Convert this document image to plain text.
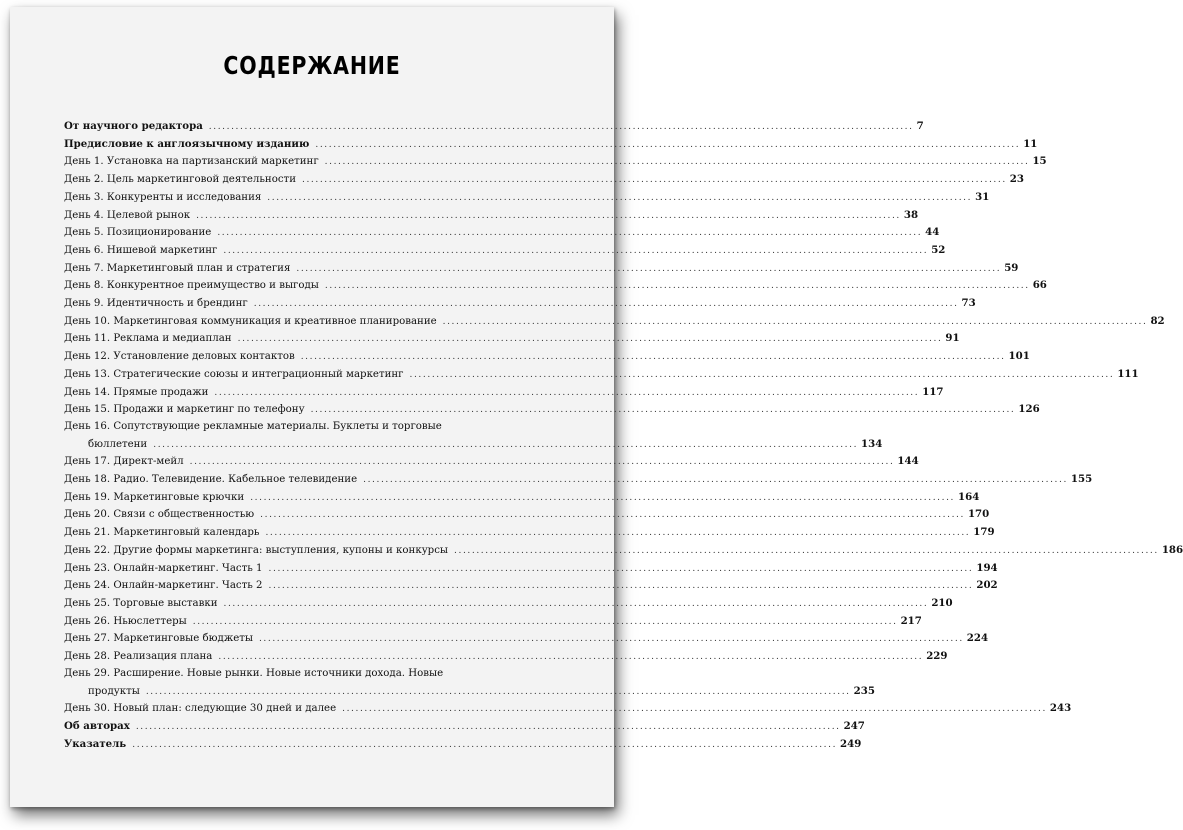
СОДЕРЖАНИЕ
От научного редактора .............................................................................................................................................................. 7
Предисловие к англоязычному изданию .............................................................................................................................................................. 11
День 1. Установка на партизанский маркетинг .............................................................................................................................................................. 15
День 2. Цель маркетинговой деятельности .............................................................................................................................................................. 23
День 3. Конкуренты и исследования .............................................................................................................................................................. 31
День 4. Целевой рынок .............................................................................................................................................................. 38
День 5. Позиционирование .............................................................................................................................................................. 44
День 6. Нишевой маркетинг .............................................................................................................................................................. 52
День 7. Маркетинговый план и стратегия .............................................................................................................................................................. 59
День 8. Конкурентное преимущество и выгоды .............................................................................................................................................................. 66
День 9. Идентичность и брендинг .............................................................................................................................................................. 73
День 10. Маркетинговая коммуникация и креативное планирование .............................................................................................................................................................. 82
День 11. Реклама и медиаплан .............................................................................................................................................................. 91
День 12. Установление деловых контактов .............................................................................................................................................................. 101
День 13. Стратегические союзы и интеграционный маркетинг .............................................................................................................................................................. 111
День 14. Прямые продажи .............................................................................................................................................................. 117
День 15. Продажи и маркетинг по телефону .............................................................................................................................................................. 126
День 16. Сопутствующие рекламные материалы. Буклеты и торговые
бюллетени .............................................................................................................................................................. 134
День 17. Директ-мейл .............................................................................................................................................................. 144
День 18. Радио. Телевидение. Кабельное телевидение .............................................................................................................................................................. 155
День 19. Маркетинговые крючки .............................................................................................................................................................. 164
День 20. Связи с общественностью .............................................................................................................................................................. 170
День 21. Маркетинговый календарь .............................................................................................................................................................. 179
День 22. Другие формы маркетинга: выступления, купоны и конкурсы .............................................................................................................................................................. 186
День 23. Онлайн-маркетинг. Часть 1 .............................................................................................................................................................. 194
День 24. Онлайн-маркетинг. Часть 2 .............................................................................................................................................................. 202
День 25. Торговые выставки .............................................................................................................................................................. 210
День 26. Ньюслеттеры .............................................................................................................................................................. 217
День 27. Маркетинговые бюджеты .............................................................................................................................................................. 224
День 28. Реализация плана .............................................................................................................................................................. 229
День 29. Расширение. Новые рынки. Новые источники дохода. Новые
продукты .............................................................................................................................................................. 235
День 30. Новый план: следующие 30 дней и далее .............................................................................................................................................................. 243
Об авторах .............................................................................................................................................................. 247
Указатель .............................................................................................................................................................. 249
